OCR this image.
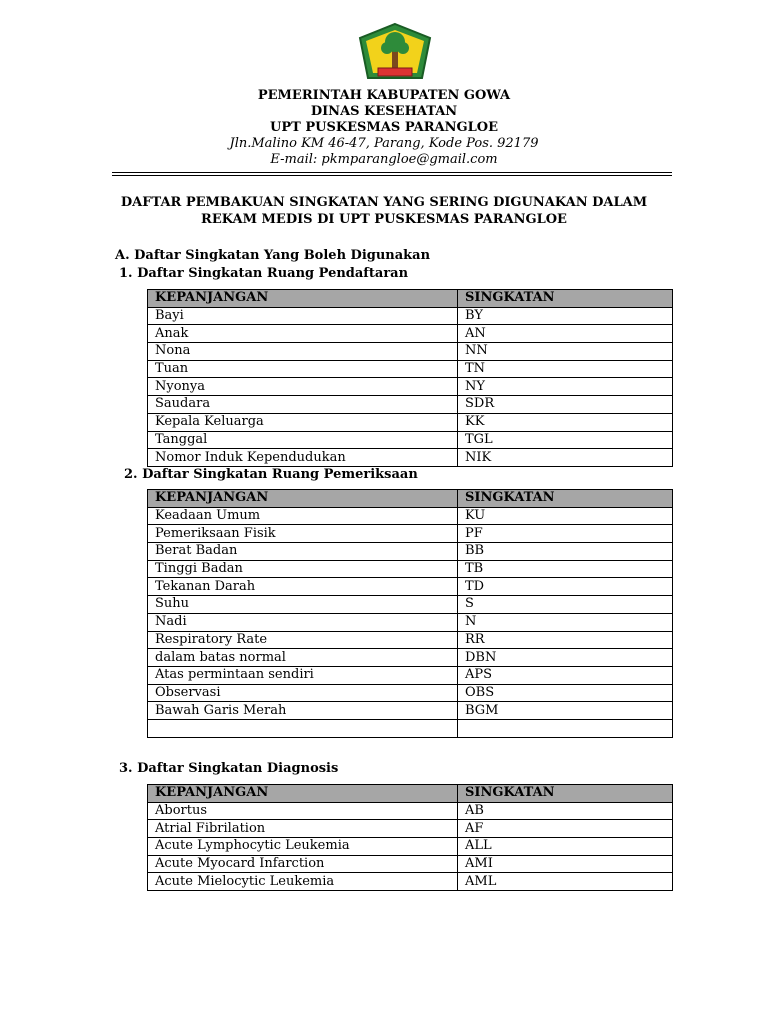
PEMERINTAH KABUPATEN GOWA
DINAS KESEHATAN
UPT PUSKESMAS PARANGLOE
Jln.Malino KM 46-47, Parang, Kode Pos. 92179
E-mail: pkmparangloe@gmail.com
DAFTAR PEMBAKUAN SINGKATAN YANG SERING DIGUNAKAN DALAM
REKAM MEDIS DI UPT PUSKESMAS PARANGLOE
A. Daftar Singkatan Yang Boleh Digunakan
1. Daftar Singkatan Ruang Pendaftaran
KEPANJANGAN	SINGKATAN
Bayi	BY
Anak	AN
Nona	NN
Tuan	TN
Nyonya	NY
Saudara	SDR
Kepala Keluarga	KK
Tanggal	TGL
Nomor Induk Kependudukan	NIK
2. Daftar Singkatan Ruang Pemeriksaan
KEPANJANGAN	SINGKATAN
Keadaan Umum	KU
Pemeriksaan Fisik	PF
Berat Badan	BB
Tinggi Badan	TB
Tekanan Darah	TD
Suhu	S
Nadi	N
Respiratory Rate	RR
dalam batas normal	DBN
Atas permintaan sendiri	APS
Observasi	OBS
Bawah Garis Merah	BGM

3. Daftar Singkatan Diagnosis
KEPANJANGAN	SINGKATAN
Abortus	AB
Atrial Fibrilation	AF
Acute Lymphocytic Leukemia	ALL
Acute Myocard Infarction	AMI
Acute Mielocytic Leukemia	AML
